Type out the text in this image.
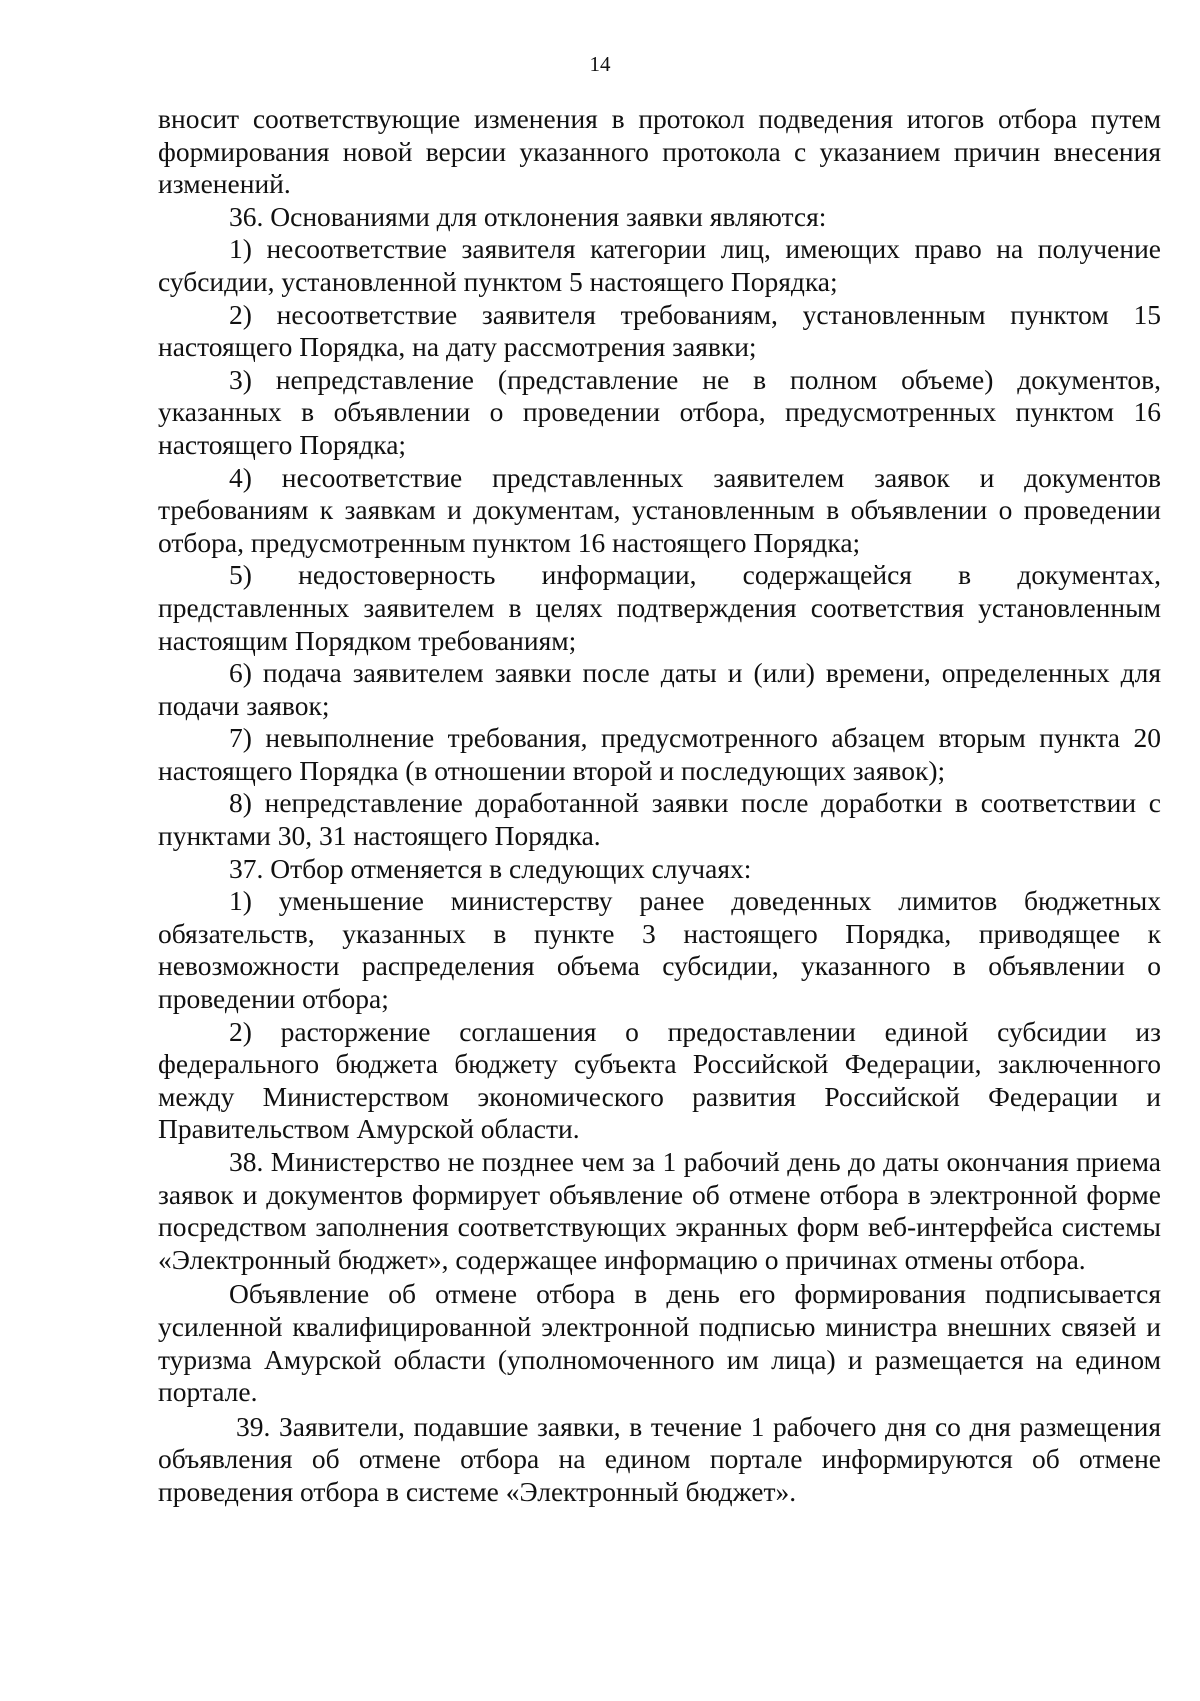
14

вносит соответствующие изменения в протокол подведения итогов отбора путем формирования новой версии указанного протокола с указанием причин внесения изменений.

36. Основаниями для отклонения заявки являются:

1) несоответствие заявителя категории лиц, имеющих право на получение субсидии, установленной пунктом 5 настоящего Порядка;

2) несоответствие заявителя требованиям, установленным пунктом 15 настоящего Порядка, на дату рассмотрения заявки;

3) непредставление (представление не в полном объеме) документов, указанных в объявлении о проведении отбора, предусмотренных пунктом 16 настоящего Порядка;

4) несоответствие представленных заявителем заявок и документов требованиям к заявкам и документам, установленным в объявлении о проведении отбора, предусмотренным пунктом 16 настоящего Порядка;

5) недостоверность информации, содержащейся в документах, представленных заявителем в целях подтверждения соответствия установленным настоящим Порядком требованиям;

6) подача заявителем заявки после даты и (или) времени, определенных для подачи заявок;

7) невыполнение требования, предусмотренного абзацем вторым пункта 20 настоящего Порядка (в отношении второй и последующих заявок);

8) непредставление доработанной заявки после доработки в соответствии с пунктами 30, 31 настоящего Порядка.

37. Отбор отменяется в следующих случаях:

1) уменьшение министерству ранее доведенных лимитов бюджетных обязательств, указанных в пункте 3 настоящего Порядка, приводящее к невозможности распределения объема субсидии, указанного в объявлении о проведении отбора;

2) расторжение соглашения о предоставлении единой субсидии из федерального бюджета бюджету субъекта Российской Федерации, заключенного между Министерством экономического развития Российской Федерации и Правительством Амурской области.

38. Министерство не позднее чем за 1 рабочий день до даты окончания приема заявок и документов формирует объявление об отмене отбора в электронной форме посредством заполнения соответствующих экранных форм веб-интерфейса системы «Электронный бюджет», содержащее информацию о причинах отмены отбора.

Объявление об отмене отбора в день его формирования подписывается усиленной квалифицированной электронной подписью министра внешних связей и туризма Амурской области (уполномоченного им лица) и размещается на едином портале.

39. Заявители, подавшие заявки, в течение 1 рабочего дня со дня размещения объявления об отмене отбора на едином портале информируются об отмене проведения отбора в системе «Электронный бюджет».
